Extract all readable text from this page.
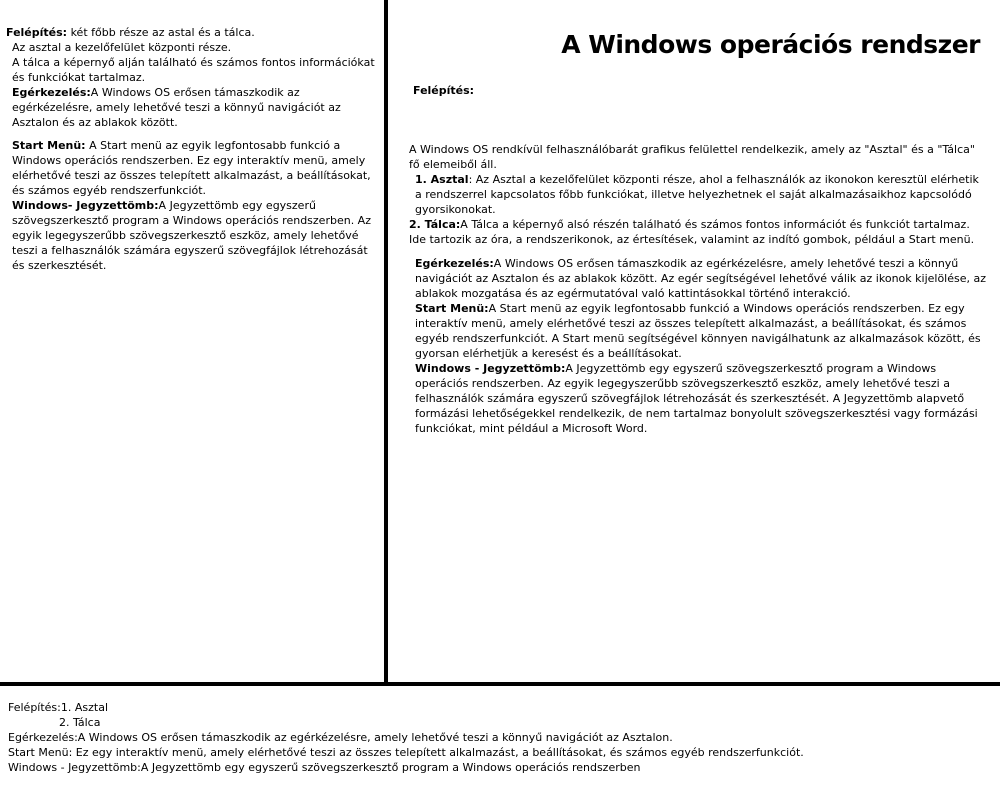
Felépítés: két főbb része az astal és a tálca.

Az asztal a kezelőfelület központi része.

A tálca a képernyő alján található és számos fontos információkat és funkciókat tartalmaz.

Egérkezelés:A Windows OS erősen támaszkodik az egérkézelésre, amely lehetővé teszi a könnyű navigációt az Asztalon és az ablakok között.

Start Menü: A Start menü az egyik legfontosabb funkció a Windows operációs rendszerben. Ez egy interaktív menü, amely elérhetővé teszi az összes telepített alkalmazást, a beállításokat, és számos egyéb rendszerfunkciót.

Windows- Jegyzettömb:A Jegyzettömb egy egyszerű szövegszerkesztő program a Windows operációs rendszerben. Az egyik legegyszerűbb szövegszerkesztő eszköz, amely lehetővé teszi a felhasználók számára egyszerű szövegfájlok létrehozását és szerkesztését.

A Windows operációs rendszer
Felépítés:

A Windows OS rendkívül felhasználóbarát grafikus felülettel rendelkezik, amely az "Asztal" és a "Tálca" fő elemeiből áll.

1. Asztal: Az Asztal a kezelőfelület központi része, ahol a felhasználók az ikonokon keresztül elérhetik a rendszerrel kapcsolatos főbb funkciókat, illetve helyezhetnek el saját alkalmazásaikhoz kapcsolódó gyorsikonokat.

2. Tálca:A Tálca a képernyő alsó részén található és számos fontos információt és funkciót tartalmaz. Ide tartozik az óra, a rendszerikonok, az értesítések, valamint az indító gombok, például a Start menü.

Egérkezelés:A Windows OS erősen támaszkodik az egérkézelésre, amely lehetővé teszi a könnyű navigációt az Asztalon és az ablakok között. Az egér segítségével lehetővé válik az ikonok kijelölése, az ablakok mozgatása és az egérmutatóval való kattintásokkal történő interakció.

Start Menü:A Start menü az egyik legfontosabb funkció a Windows operációs rendszerben. Ez egy interaktív menü, amely elérhetővé teszi az összes telepített alkalmazást, a beállításokat, és számos egyéb rendszerfunkciót. A Start menü segítségével könnyen navigálhatunk az alkalmazások között, és gyorsan elérhetjük a keresést és a beállításokat.

Windows - Jegyzettömb:A Jegyzettömb egy egyszerű szövegszerkesztő program a Windows operációs rendszerben. Az egyik legegyszerűbb szövegszerkesztő eszköz, amely lehetővé teszi a felhasználók számára egyszerű szövegfájlok létrehozását és szerkesztését. A Jegyzettömb alapvető formázási lehetőségekkel rendelkezik, de nem tartalmaz bonyolult szövegszerkesztési vagy formázási funkciókat, mint például a Microsoft Word.

Felépítés:1. Asztal

2. Tálca

Egérkezelés:A Windows OS erősen támaszkodik az egérkézelésre, amely lehetővé teszi a könnyű navigációt az Asztalon.

Start Menü: Ez egy interaktív menü, amely elérhetővé teszi az összes telepített alkalmazást, a beállításokat, és számos egyéb rendszerfunkciót.

Windows - Jegyzettömb:A Jegyzettömb egy egyszerű szövegszerkesztő program a Windows operációs rendszerben
